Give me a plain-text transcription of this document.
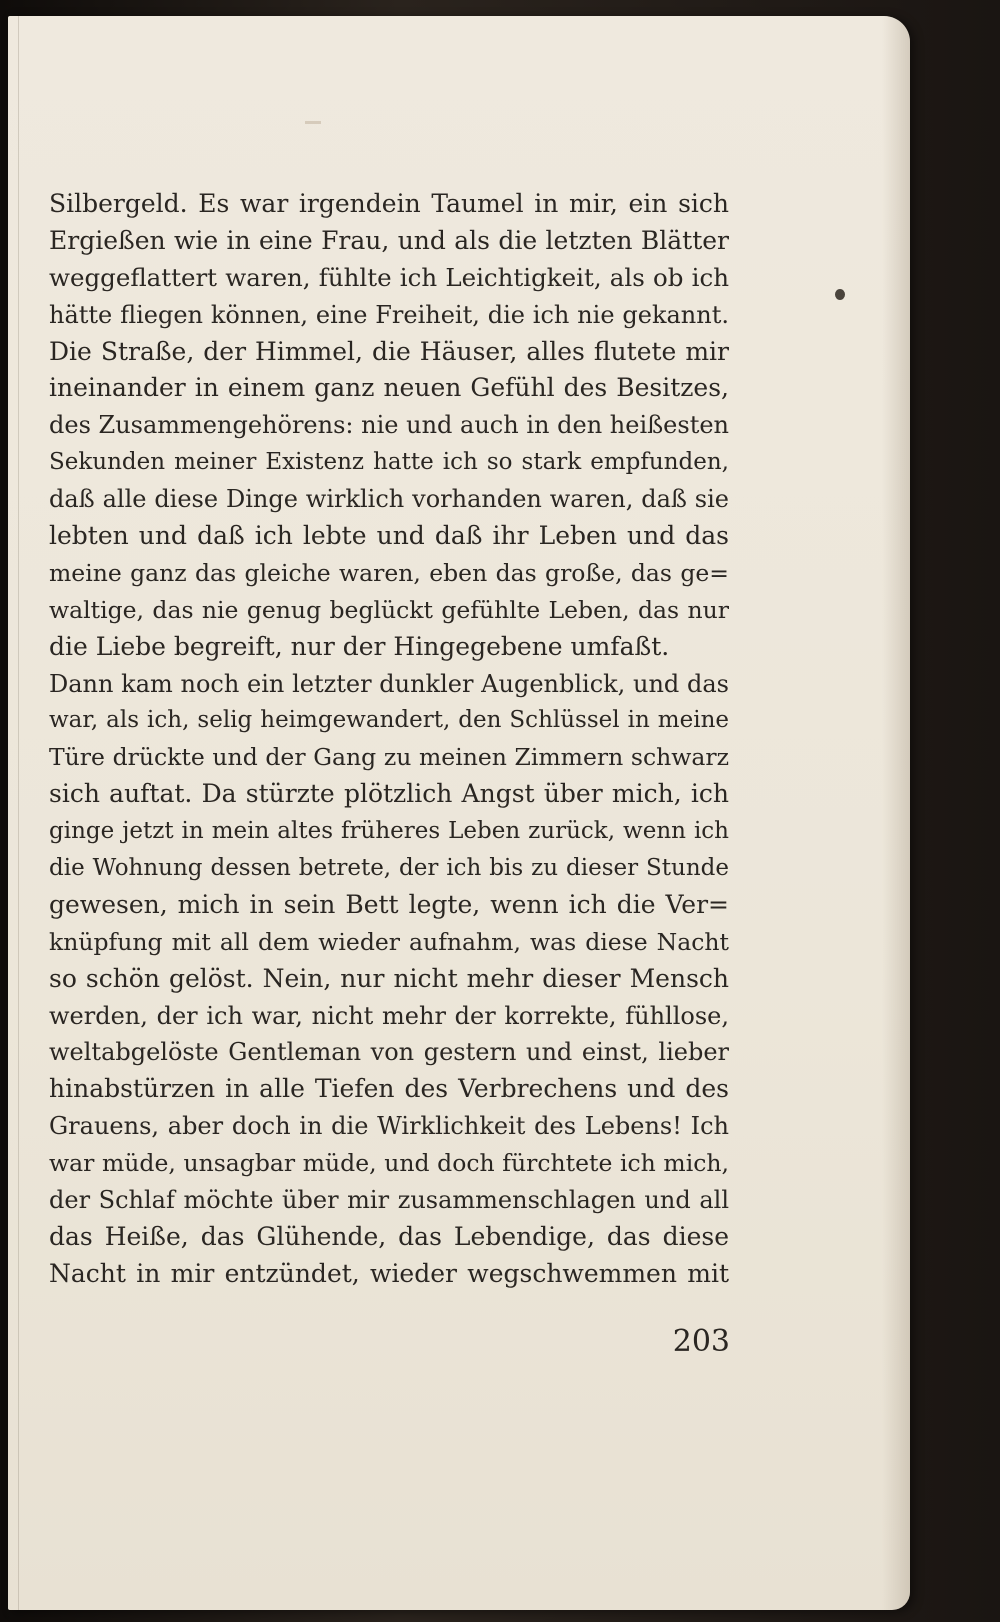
Silbergeld. Es war irgendein Taumel in mir, ein sich
Ergießen wie in eine Frau, und als die letzten Blätter
weggeflattert waren, fühlte ich Leichtigkeit, als ob ich
hätte fliegen können, eine Freiheit, die ich nie gekannt.
Die Straße, der Himmel, die Häuser, alles flutete mir
ineinander in einem ganz neuen Gefühl des Besitzes,
des Zusammengehörens: nie und auch in den heißesten
Sekunden meiner Existenz hatte ich so stark empfunden,
daß alle diese Dinge wirklich vorhanden waren, daß sie
lebten und daß ich lebte und daß ihr Leben und das
meine ganz das gleiche waren, eben das große, das ge=
waltige, das nie genug beglückt gefühlte Leben, das nur
die Liebe begreift, nur der Hingegebene umfaßt.
Dann kam noch ein letzter dunkler Augenblick, und das
war, als ich, selig heimgewandert, den Schlüssel in meine
Türe drückte und der Gang zu meinen Zimmern schwarz
sich auftat. Da stürzte plötzlich Angst über mich, ich
ginge jetzt in mein altes früheres Leben zurück, wenn ich
die Wohnung dessen betrete, der ich bis zu dieser Stunde
gewesen, mich in sein Bett legte, wenn ich die Ver=
knüpfung mit all dem wieder aufnahm, was diese Nacht
so schön gelöst. Nein, nur nicht mehr dieser Mensch
werden, der ich war, nicht mehr der korrekte, fühllose,
weltabgelöste Gentleman von gestern und einst, lieber
hinabstürzen in alle Tiefen des Verbrechens und des
Grauens, aber doch in die Wirklichkeit des Lebens! Ich
war müde, unsagbar müde, und doch fürchtete ich mich,
der Schlaf möchte über mir zusammenschlagen und all
das Heiße, das Glühende, das Lebendige, das diese
Nacht in mir entzündet, wieder wegschwemmen mit
203
